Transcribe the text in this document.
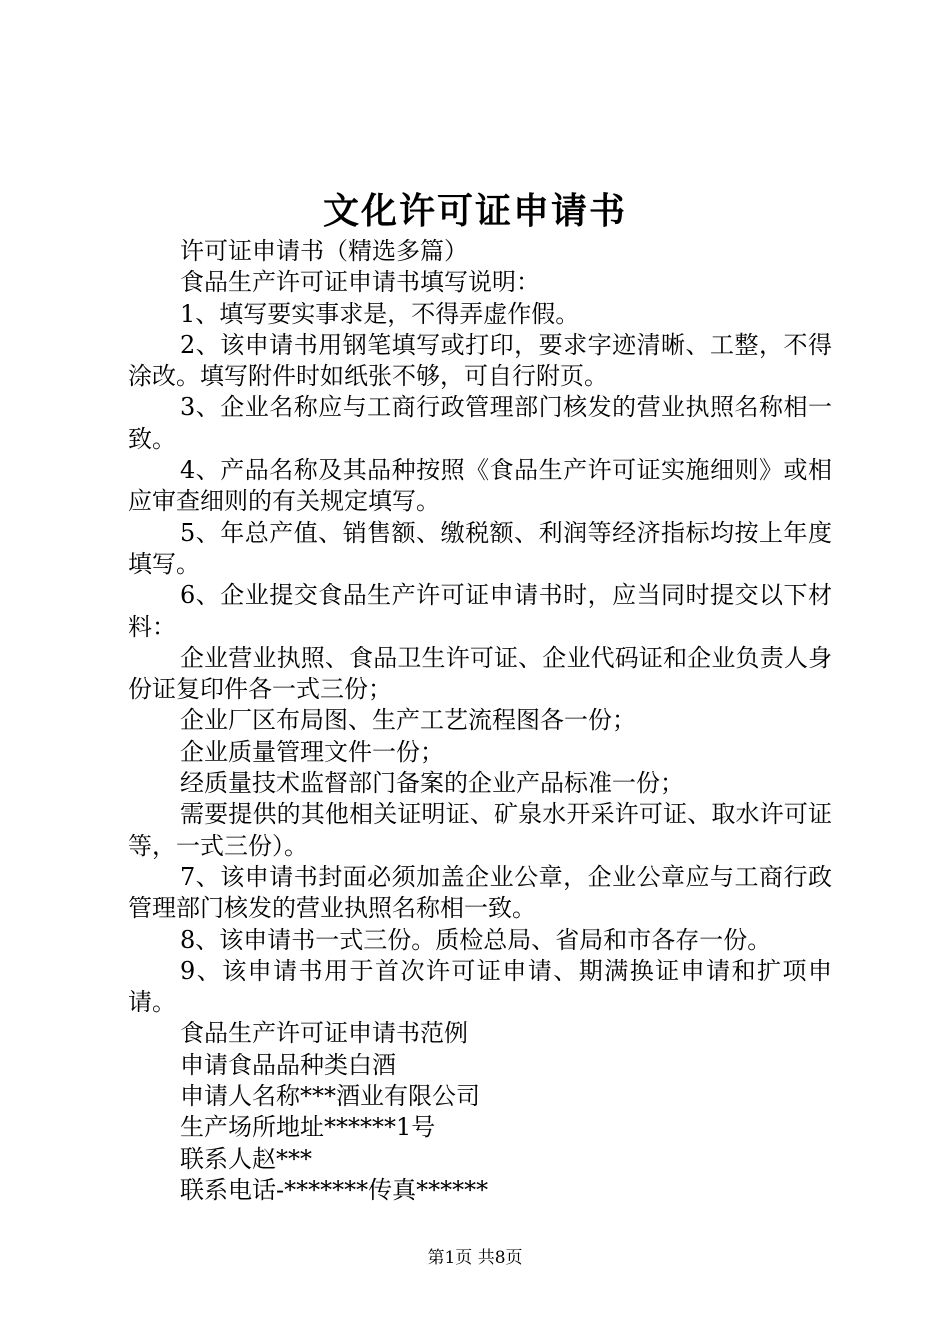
文化许可证申请书

许可证申请书（精选多篇）

食品生产许可证申请书填写说明：

1、填写要实事求是，不得弄虚作假。

2、该申请书用钢笔填写或打印，要求字迹清晰、工整，不得涂改。填写附件时如纸张不够，可自行附页。

3、企业名称应与工商行政管理部门核发的营业执照名称相一致。

4、产品名称及其品种按照《食品生产许可证实施细则》或相应审查细则的有关规定填写。

5、年总产值、销售额、缴税额、利润等经济指标均按上年度填写。

6、企业提交食品生产许可证申请书时，应当同时提交以下材料：

企业营业执照、食品卫生许可证、企业代码证和企业负责人身份证复印件各一式三份；

企业厂区布局图、生产工艺流程图各一份；

企业质量管理文件一份；

经质量技术监督部门备案的企业产品标准一份；

需要提供的其他相关证明证、矿泉水开采许可证、取水许可证等，一式三份）。

7、该申请书封面必须加盖企业公章，企业公章应与工商行政管理部门核发的营业执照名称相一致。

8、该申请书一式三份。质检总局、省局和市各存一份。

9、该申请书用于首次许可证申请、期满换证申请和扩项申请。

食品生产许可证申请书范例

申请食品品种类白酒

申请人名称***酒业有限公司

生产场所地址******1号

联系人赵***

联系电话-*******传真******

第1页 共8页
